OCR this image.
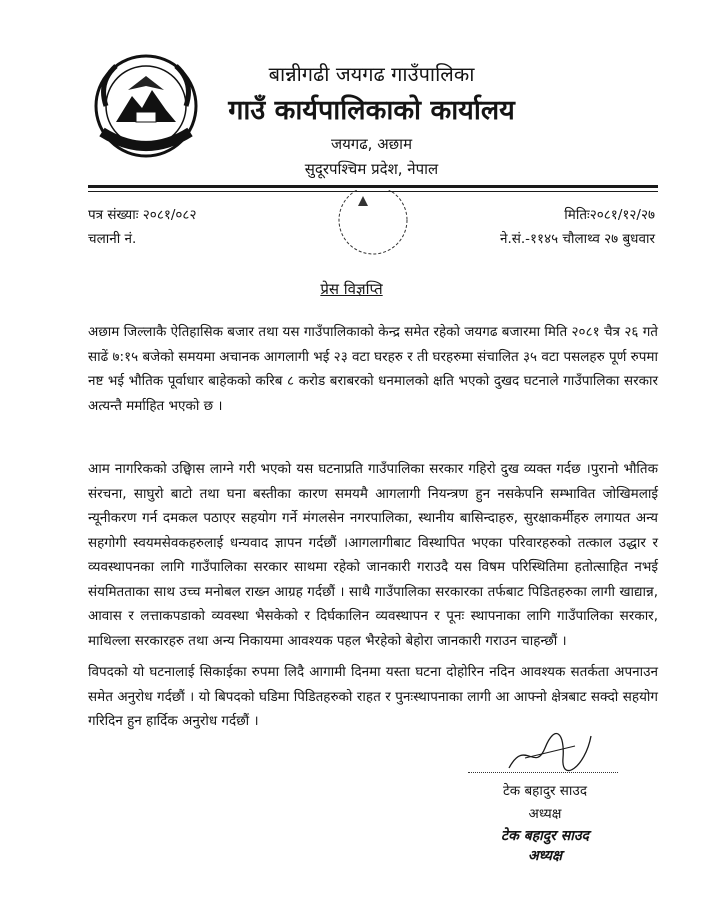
बान्नीगढी जयगढ गाउँपालिका
गाउँ कार्यपालिकाको कार्यालय
जयगढ, अछाम
सुदूरपश्चिम प्रदेश, नेपाल
पत्र संख्याः २०८१/०८२
चलानी नं.
मितिः२०८१/१२/२७
ने.सं.-११४५ चौलाथ्व २७ बुधवार
प्रेस विज्ञप्ति
अछाम जिल्लाकै ऐतिहासिक बजार तथा यस गाउँपालिकाको केन्द्र समेत रहेको जयगढ बजारमा मिति २०८१ चैत्र २६ गते साढें ७:१५ बजेको समयमा अचानक आगलागी भई २३ वटा घरहरु र ती घरहरुमा संचालित ३५ वटा पसलहरु पूर्ण रुपमा नष्ट भई भौतिक पूर्वाधार बाहेकको करिब ८ करोड बराबरको धनमालको क्षति भएको दुखद घटनाले गाउँपालिका सरकार अत्यन्तै मर्माहित भएको छ ।
आम नागरिकको उछ्विास लाग्ने गरी भएको यस घटनाप्रति गाउँपालिका सरकार गहिरो दुख व्यक्त गर्दछ ।पुरानो भौतिक संरचना, साघुरो बाटो तथा घना बस्तीका कारण समयमै आगलागी नियन्त्रण हुन नसकेपनि सम्भावित जोखिमलाई न्यूनीकरण गर्न दमकल पठाएर सहयोग गर्ने मंगलसेन नगरपालिका, स्थानीय बासिन्दाहरु, सुरक्षाकर्मीहरु लगायत अन्य सहगोगी स्वयमसेवकहरुलाई धन्यवाद ज्ञापन गर्दछौं ।आगलागीबाट विस्थापित भएका परिवारहरुको तत्काल उद्धार र व्यवस्थापनका लागि गाउँपालिका सरकार साथमा रहेको जानकारी गराउदै यस विषम परिस्थितिमा हतोत्साहित नभई संयमितताका साथ उच्च मनोबल राख्न आग्रह गर्दछौं । साथै गाउँपालिका सरकारका तर्फबाट पिडितहरुका लागी खाद्यान्न, आवास र लत्ताकपडाको व्यवस्था भैसकेको र दिर्घकालिन व्यवस्थापन र पूनः स्थापनाका लागि गाउँपालिका सरकार, माथिल्ला सरकारहरु तथा अन्य निकायमा आवश्यक पहल भैरहेको बेहोरा जानकारी गराउन चाहन्छौं ।
विपदको यो घटनालाई सिकाईका रुपमा लिदै आगामी दिनमा यस्ता घटना दोहोरिन नदिन आवश्यक सतर्कता अपनाउन समेत अनुरोध गर्दछौं । यो बिपदको घडिमा पिडितहरुको राहत र पुनःस्थापनाका लागी आ आफ्नो क्षेत्रबाट सक्दो सहयोग गरिदिन हुन हार्दिक अनुरोध गर्दछौं ।
टेक बहादुर साउद
अध्यक्ष
टेक बहादुर साउद
अध्यक्ष
